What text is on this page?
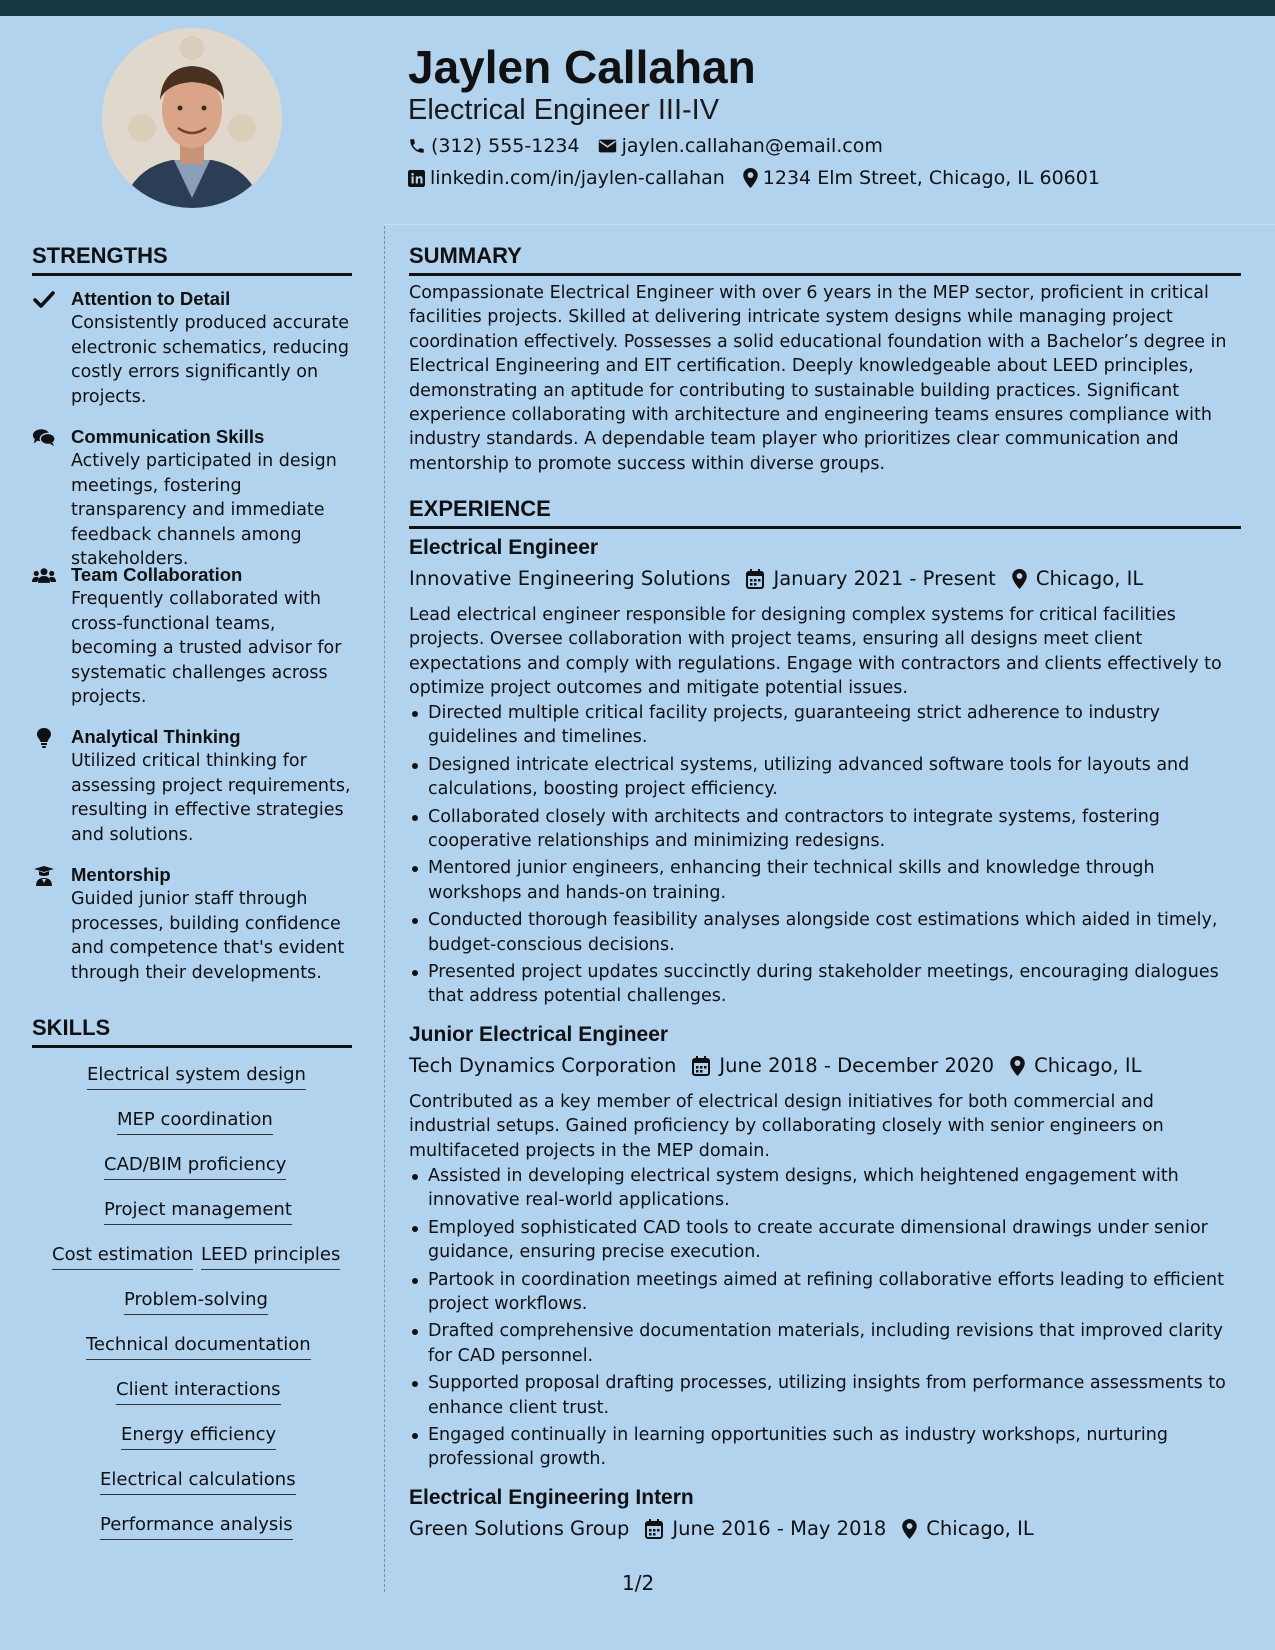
Jaylen Callahan
Electrical Engineer III-IV
(312) 555-1234 jaylen.callahan@email.com
linkedin.com/in/jaylen-callahan 1234 Elm Street, Chicago, IL 60601
STRENGTHS
Attention to Detail
Consistently produced accurate electronic schematics, reducing costly errors significantly on projects.
Communication Skills
Actively participated in design meetings, fostering transparency and immediate feedback channels among stakeholders.
Team Collaboration
Frequently collaborated with cross-functional teams, becoming a trusted advisor for systematic challenges across projects.
Analytical Thinking
Utilized critical thinking for assessing project requirements, resulting in effective strategies and solutions.
Mentorship
Guided junior staff through processes, building confidence and competence that's evident through their developments.
SKILLS
Electrical system design
MEP coordination
CAD/BIM proficiency
Project management
Cost estimation LEED principles
Problem-solving
Technical documentation
Client interactions
Energy efficiency
Electrical calculations
Performance analysis
SUMMARY
Compassionate Electrical Engineer with over 6 years in the MEP sector, proficient in critical facilities projects. Skilled at delivering intricate system designs while managing project coordination effectively. Possesses a solid educational foundation with a Bachelor’s degree in Electrical Engineering and EIT certification. Deeply knowledgeable about LEED principles, demonstrating an aptitude for contributing to sustainable building practices. Significant experience collaborating with architecture and engineering teams ensures compliance with industry standards. A dependable team player who prioritizes clear communication and mentorship to promote success within diverse groups.
EXPERIENCE
Electrical Engineer
Innovative Engineering Solutions January 2021 - Present Chicago, IL
Lead electrical engineer responsible for designing complex systems for critical facilities projects. Oversee collaboration with project teams, ensuring all designs meet client expectations and comply with regulations. Engage with contractors and clients effectively to optimize project outcomes and mitigate potential issues.
Directed multiple critical facility projects, guaranteeing strict adherence to industry guidelines and timelines.
Designed intricate electrical systems, utilizing advanced software tools for layouts and calculations, boosting project efficiency.
Collaborated closely with architects and contractors to integrate systems, fostering cooperative relationships and minimizing redesigns.
Mentored junior engineers, enhancing their technical skills and knowledge through workshops and hands-on training.
Conducted thorough feasibility analyses alongside cost estimations which aided in timely, budget-conscious decisions.
Presented project updates succinctly during stakeholder meetings, encouraging dialogues that address potential challenges.
Junior Electrical Engineer
Tech Dynamics Corporation June 2018 - December 2020 Chicago, IL
Contributed as a key member of electrical design initiatives for both commercial and industrial setups. Gained proficiency by collaborating closely with senior engineers on multifaceted projects in the MEP domain.
Assisted in developing electrical system designs, which heightened engagement with innovative real-world applications.
Employed sophisticated CAD tools to create accurate dimensional drawings under senior guidance, ensuring precise execution.
Partook in coordination meetings aimed at refining collaborative efforts leading to efficient project workflows.
Drafted comprehensive documentation materials, including revisions that improved clarity for CAD personnel.
Supported proposal drafting processes, utilizing insights from performance assessments to enhance client trust.
Engaged continually in learning opportunities such as industry workshops, nurturing professional growth.
Electrical Engineering Intern
Green Solutions Group June 2016 - May 2018 Chicago, IL
1/2
